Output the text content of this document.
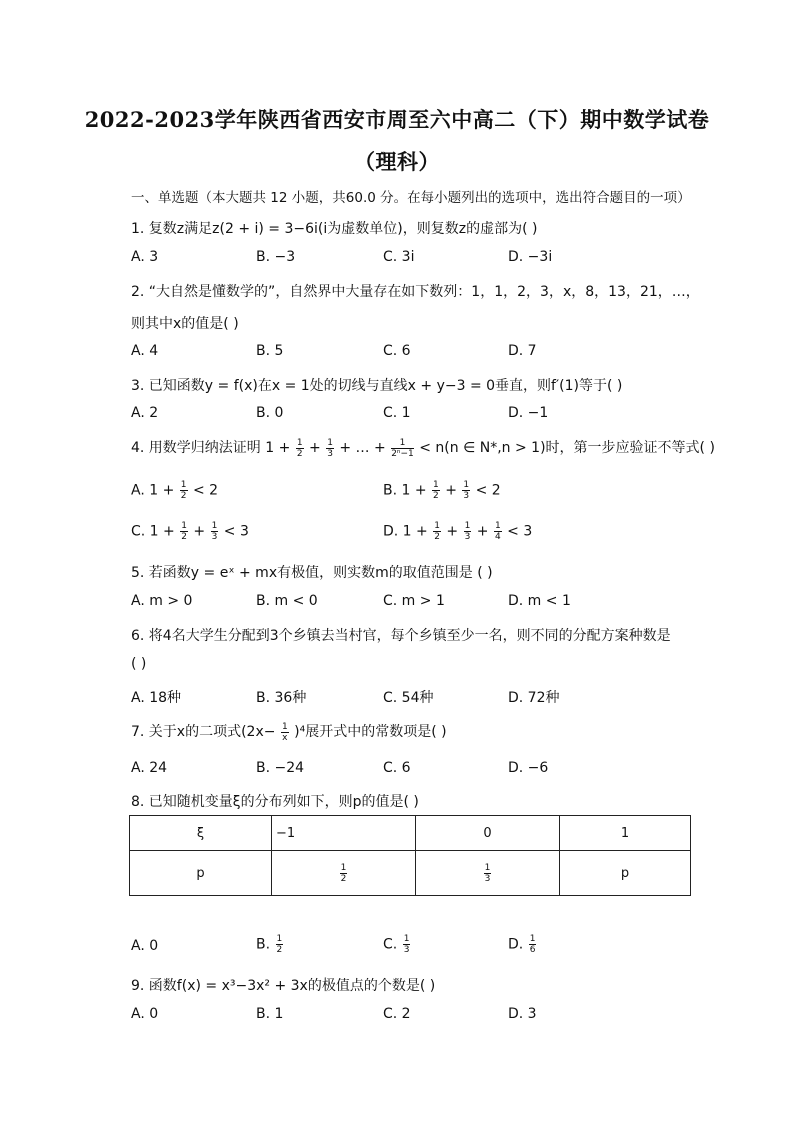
2022-2023学年陕西省西安市周至六中高二（下）期中数学试卷
（理科）
一、单选题（本大题共 12 小题，共60.0 分。在每小题列出的选项中，选出符合题目的一项）
1. 复数z满足z(2 + i) = 3−6i(i为虚数单位)，则复数z的虚部为( )
A. 3	B. −3	C. 3i	D. −3i
2. “大自然是懂数学的”，自然界中大量存在如下数列：1，1，2，3，x，8，13，21，…，
则其中x的值是( )
A. 4	B. 5	C. 6	D. 7
3. 已知函数y = f(x)在x = 1处的切线与直线x + y−3 = 0垂直，则f′(1)等于( )
A. 2	B. 0	C. 1	D. −1
4. 用数学归纳法证明 $1 + \frac{1}{2} + \frac{1}{3}$ + … + $\frac{1}{\text{2ⁿ−1}} < n(n$ ∈ N*,n > 1)时，第一步应验证不等式( )
A. $1 + \frac{1}{2} < 2$	B. $1 + \frac{1}{2} + \frac{1}{3} < 2$
C. $1 + \frac{1}{2} + \frac{1}{3} < 3$	D. $1 + \frac{1}{2} + \frac{1}{3} + \frac{1}{4} < 3$
5. 若函数y = eˣ + mx有极值，则实数m的取值范围是 ( )
A. m > 0	B. m < 0	C. m > 1	D. m < 1
6. 将4名大学生分配到3个乡镇去当村官，每个乡镇至少一名，则不同的分配方案种数是
( )
A. 18种	B. 36种	C. 54种	D. 72种
7. 关于x的二项式$(2x- \frac{1}{x} )^4$展开式中的常数项是( )
A. 24	B. −24	C. 6	D. −6
8. 已知随机变量ξ的分布列如下，则p的值是( )
ξ	−1	0	1
p	$\frac{1}{2}$	$\frac{1}{3}$	p
A. 0	B. $\frac{1}{2}$	C. $\frac{1}{3}$	D. $\frac{1}{6}$
9. 函数f(x) = x³−3x² + 3x的极值点的个数是( )
A. 0	B. 1	C. 2	D. 3
